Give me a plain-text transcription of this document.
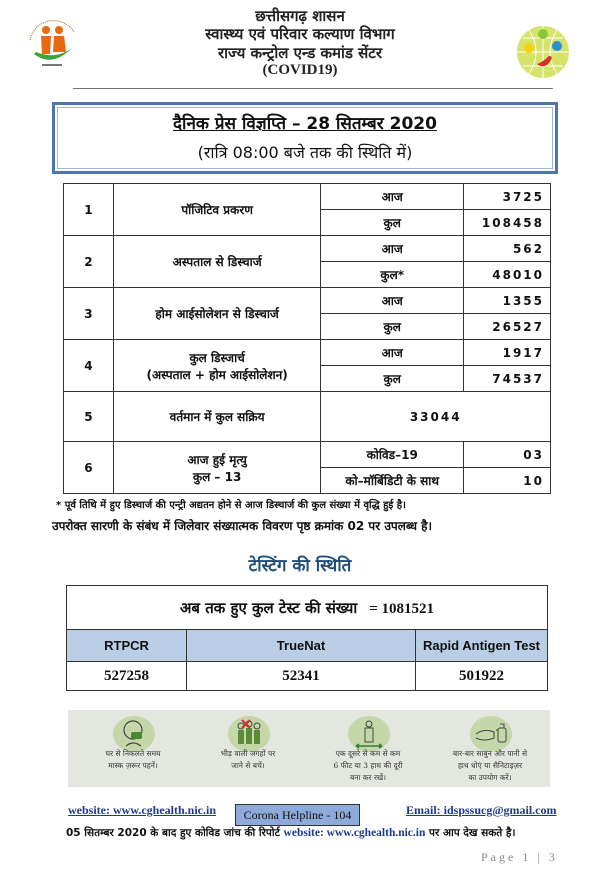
छत्तीसगढ़ शासन
स्वास्थ्य एवं परिवार कल्याण विभाग
राज्य कन्ट्रोल एन्ड कमांड सेंटर
(COVID19)
दैनिक प्रेस विज्ञप्ति – 28 सितम्बर 2020
(रात्रि 08:00 बजे तक की स्थिति में)
1	पॉजिटिव प्रकरण	आज	3725
		कुल	108458
2	अस्पताल से डिस्चार्ज	आज	562
		कुल*	48010
3	होम आईसोलेशन से डिस्चार्ज	आज	1355
		कुल	26527
4	कुल डिस्जार्च
(अस्पताल + होम आईसोलेशन)	आज	1917
		कुल	74537
5	वर्तमान में कुल सक्रिय	33044	
6	आज हुई मृत्यु
कुल – 13	कोविड–19	03
		को–मॉर्बिडिटी के साथ	10
* पूर्व तिथि में हुए डिस्चार्ज की एन्ट्री अद्यतन होने से आज डिस्चार्ज की कुल संख्या में वृद्धि हुई है।
उपरोक्त सारणी के संबंध में जिलेवार संख्यात्मक विवरण पृष्ठ क्रमांक 02 पर उपलब्ध है।
टेस्टिंग की स्थिति
अब तक हुए कुल टेस्ट की संख्या = 1081521		
RTPCR	TrueNat	Rapid Antigen Test
527258	52341	501922
घर से निकलते समय
मास्क ज़रूर पहनें।
भीड़ वाली जगहों पर
जाने से बचें।
एक दूसरे से कम से कम
6 फीट या 3 हाथ की दूरी
बना कर रखें।
बार-बार साबुन और पानी से
हाथ धोएं या सैनिटाइज़र
का उपयोग करें।
website: www.cghealth.nic.in	Corona Helpline - 104	Email: idspssucg@gmail.com
05 सितम्बर 2020 के बाद हुए कोविड जांच की रिपोर्ट website: www.cghealth.nic.in पर आप देख सकते है।
Page 1 | 3
